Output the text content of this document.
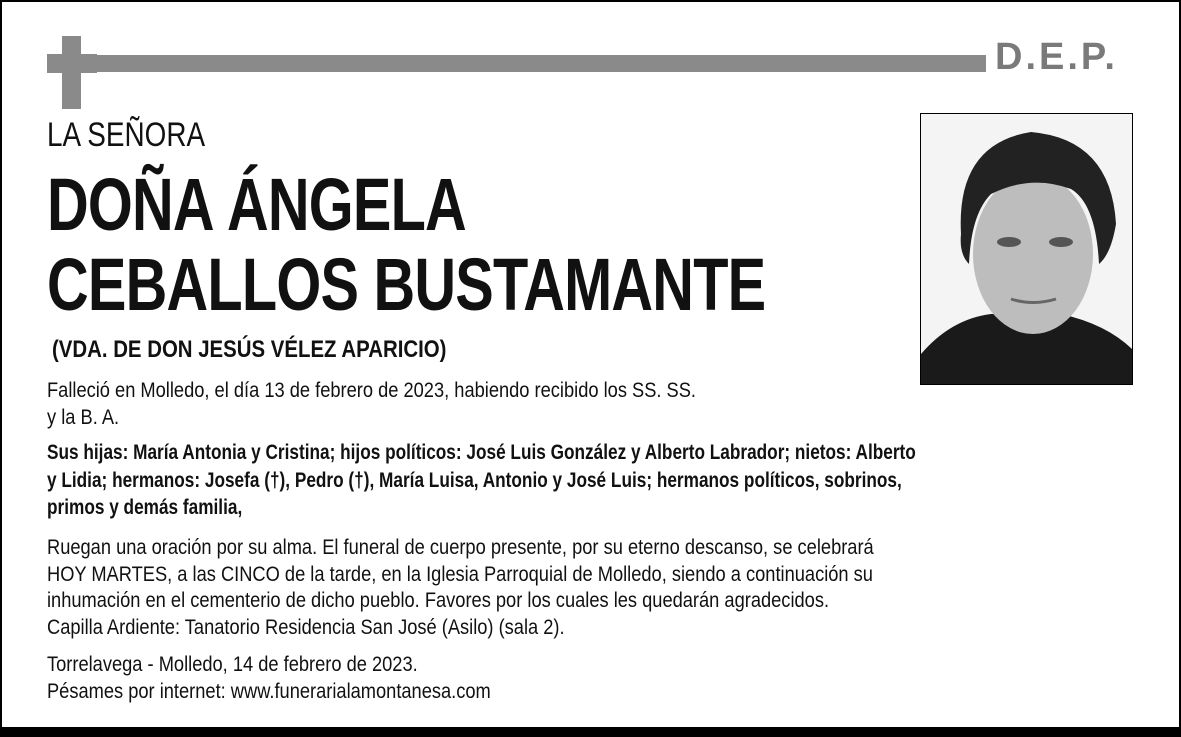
D.E.P.
LA SEÑORA
DOÑA ÁNGELA
CEBALLOS BUSTAMANTE
(VDA. DE DON JESÚS VÉLEZ APARICIO)
Falleció en Molledo, el día 13 de febrero de 2023, habiendo recibido los SS. SS.
y la B. A.
Sus hijas: María Antonia y Cristina; hijos políticos: José Luis González y Alberto Labrador; nietos: Alberto
y Lidia; hermanos: Josefa (†), Pedro (†), María Luisa, Antonio y José Luis; hermanos políticos, sobrinos,
primos y demás familia,
Ruegan una oración por su alma. El funeral de cuerpo presente, por su eterno descanso, se celebrará
HOY MARTES, a las CINCO de la tarde, en la Iglesia Parroquial de Molledo, siendo a continuación su
inhumación en el cementerio de dicho pueblo. Favores por los cuales les quedarán agradecidos.
Capilla Ardiente: Tanatorio Residencia San José (Asilo) (sala 2).
Torrelavega - Molledo, 14 de febrero de 2023.
Pésames por internet: www.funerarialamontanesa.com
